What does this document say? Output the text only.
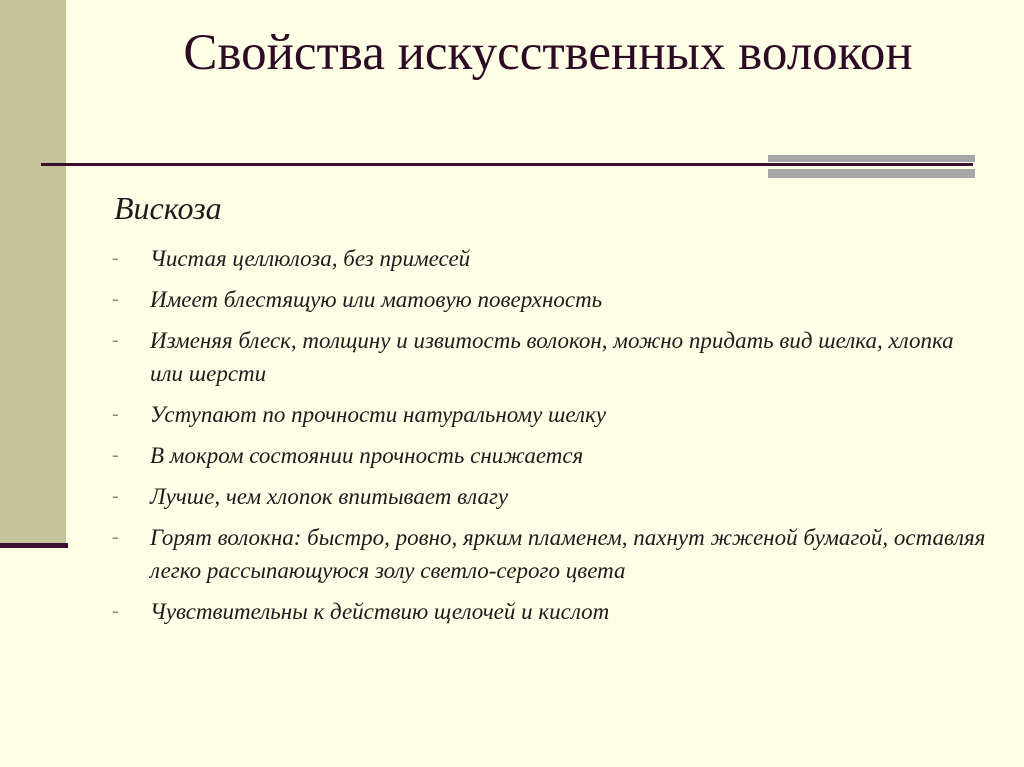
Свойства искусственных волокон
Вискоза
- Чистая целлюлоза, без примесей
- Имеет блестящую или матовую поверхность
- Изменяя блеск, толщину и извитость волокон, можно придать вид шелка, хлопка или шерсти
- Уступают по прочности натуральному шелку
- В мокром состоянии прочность снижается
- Лучше, чем хлопок впитывает влагу
- Горят волокна: быстро, ровно, ярким пламенем, пахнут жженой бумагой, оставляя легко рассыпающуюся золу светло-серого цвета
- Чувствительны к действию щелочей и кислот
